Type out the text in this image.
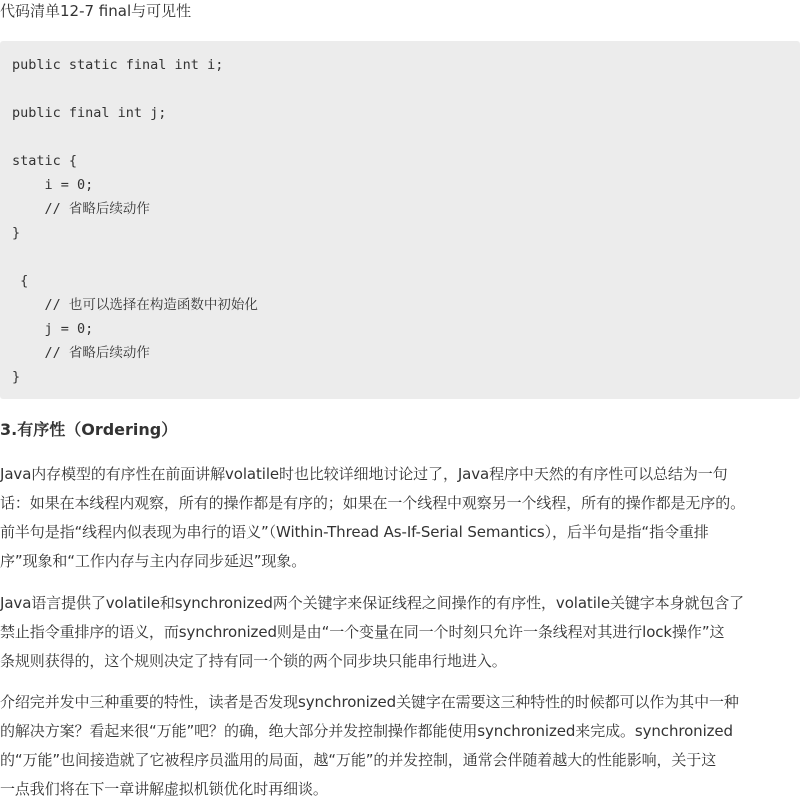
代码清单12-7 final与可见性
public static final int i;
public final int j;
static {
i = 0;
// 省略后续动作
}
{
// 也可以选择在构造函数中初始化
j = 0;
// 省略后续动作
}
3.有序性（Ordering）
Java内存模型的有序性在前面讲解volatile时也比较详细地讨论过了，Java程序中天然的有序性可以总结为一句
话：如果在本线程内观察，所有的操作都是有序的；如果在一个线程中观察另一个线程，所有的操作都是无序的。
前半句是指“线程内似表现为串行的语义”（Within-Thread As-If-Serial Semantics），后半句是指“指令重排
序”现象和“工作内存与主内存同步延迟”现象。
Java语言提供了volatile和synchronized两个关键字来保证线程之间操作的有序性，volatile关键字本身就包含了
禁止指令重排序的语义，而synchronized则是由“一个变量在同一个时刻只允许一条线程对其进行lock操作”这
条规则获得的，这个规则决定了持有同一个锁的两个同步块只能串行地进入。
介绍完并发中三种重要的特性，读者是否发现synchronized关键字在需要这三种特性的时候都可以作为其中一种
的解决方案？看起来很“万能”吧？的确，绝大部分并发控制操作都能使用synchronized来完成。synchronized
的“万能”也间接造就了它被程序员滥用的局面，越“万能”的并发控制，通常会伴随着越大的性能影响，关于这
一点我们将在下一章讲解虚拟机锁优化时再细谈。
